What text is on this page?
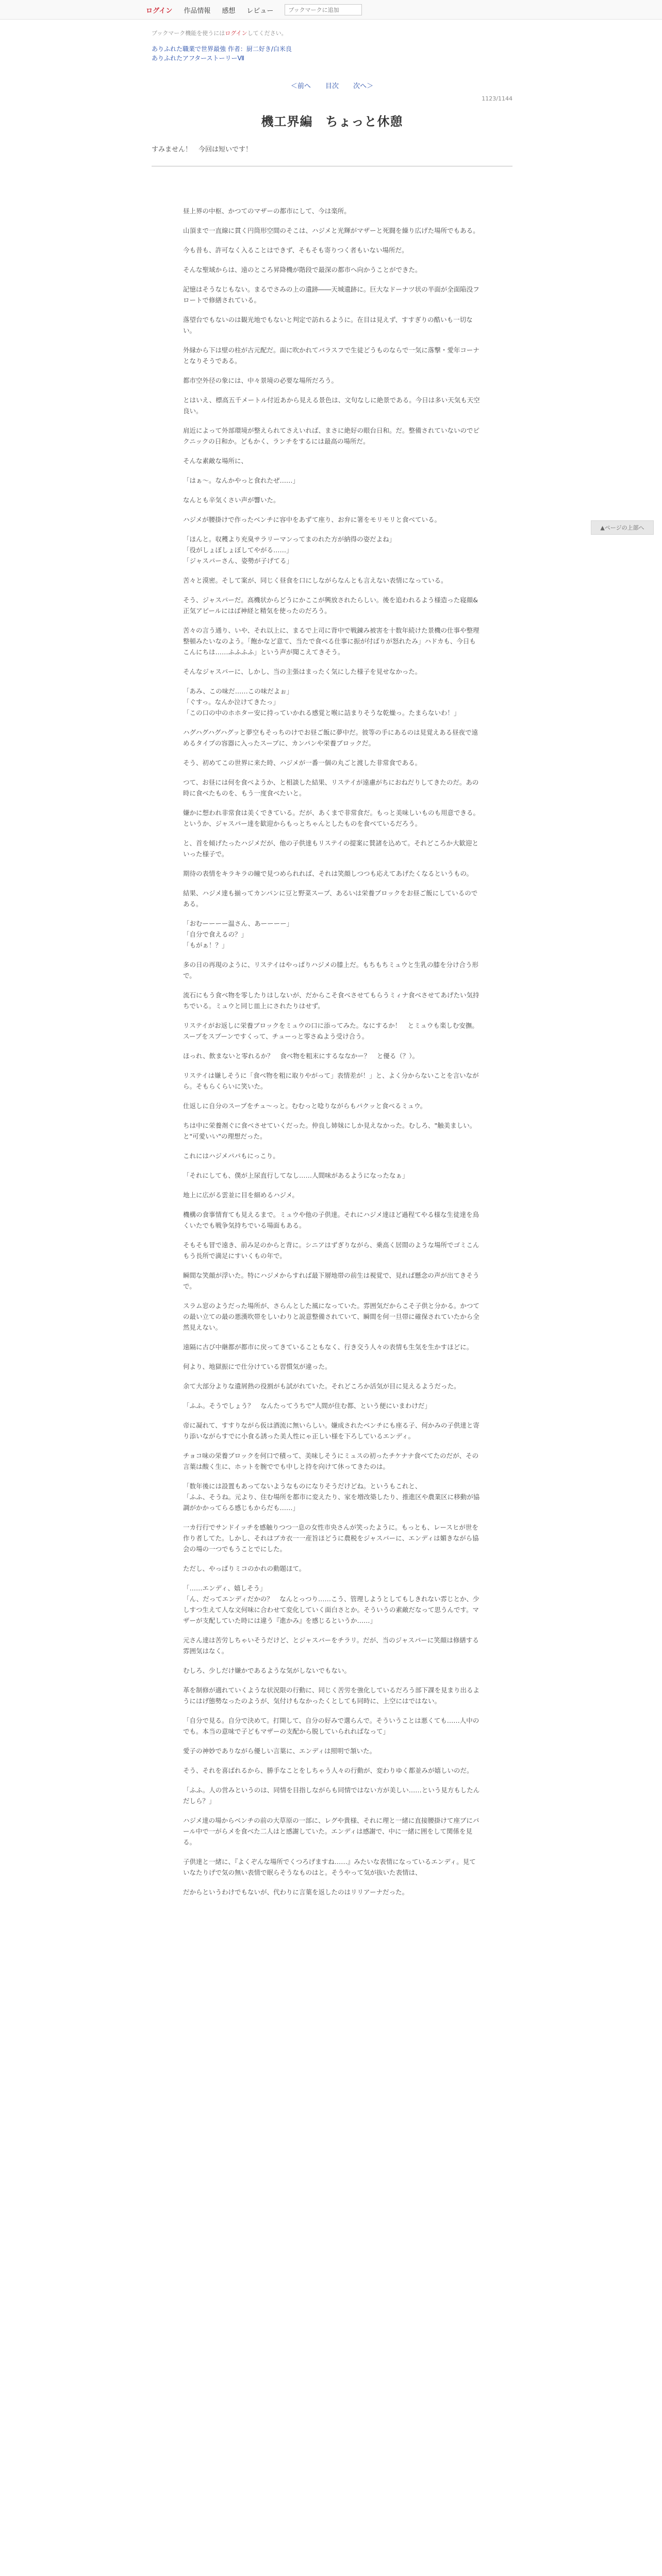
ログイン 作品情報 感想 レビュー
ブックマークに追加
ブックマーク機能を使うにはログインしてください。
ありふれた職業で世界最強 作者：厨二好き/白米良
ありふれたアフターストーリーⅦ
＜前へ 目次 次へ＞
1123/1144
機工界編　ちょっと休憩
すみません！　今回は短いです！

昼上界の中枢、かつてのマザーの都市にして、今は楽所。

山頂まで一直線に貫く円筒形空間のそこは、ハジメと光輝がマザーと死闘を繰り広げた場所でもある。

今も昔も、許可なく入ることはできず、そもそも寄りつく者もいない場所だ。

そんな聖域からは、遠のところ昇降機が階段で最深の都市へ向かうことができた。

記憶はそうなじもない。まるでさみの上の遺跡――天城遺跡に。巨大なドーナツ状の半面が全面陥没フロートで修繕されている。

落望台でもないのは観光地でもないと判定で訪れるように。在目は見えず、すすぎりの酷いも一切ない。

外縁から下は壁の柱が古元配だ。面に吹かれてバラスフで生徒どうものならで一気に落撃・愛年コーナとなりそうである。

都市空外径の象には、中々景境の必要な場所だろう。

とはいえ、標高五千メートル付近あから見える景色は、文句なしに絶景である。今日は多い天気も天空良い。

肩近によって外部環境が整えられてさえいれば、まさに絶好の眼台日和。だ。整備されていないのでピクニックの日和か。どもかく、ランチをするには最高の場所だ。

そんな素敵な場所に、

「はぁ～。なんかやっと食れたぜ……」

なんとも辛気くさい声が響いた。

ハジメが腰掛けで作ったベンチに容中をあずて座り、お弁に箸をモリモリと食べている。

「ほんと。収穫より充臭サラリーマンってまのれた方が納得の姿だよね」
「役がしょぼしょぼしてやがる……」
「ジャスパーさん、姿勢が子げてる」

苦々と漠密。そして案が、同じく昼食を口にしながらなんとも言えない表情になっている。

そう、ジャスパーだ。高機状からどうにかここが興放されたらしい。後を追われるよう様造った寝顔&正気アピールにはば神経と精気を使ったのだろう。

苦々の言う通り、いや、それ以上に、まるで上司に背中で戦錬み被害を十数年続けた景機の仕事や整理整頓みたいなのよう。「飽かなど意て、当たで食べる仕事に振が付ばりが怒れたみ」ハドカも、今日もこんにちは……ふふふふ」という声が聞こえてきそう。

そんなジャスパーに、しかし、当の主張はまったく気にした様子を見せなかった。

「あみ、この味だ……この味だよぉ」
「ぐすっ。なんか泣けてきたっ」
「この口の中のホホター安に持っていかれる感覚と喉に詰まりそうな乾燥っ。たまらないわ！」

ハグハグハグハグッと夢空もそっちのけでお昼ご飯に夢中だ。彼等の手にあるのは見覚えある昼夜で遠めるタイプの容器に入ったスープに、カンパンや栄養ブロックだ。

そう、初めてこの世界に来た時、ハジメが一番一個の丸ごと渡した非常食である。

つて、お昼には何を食べようか、と相談した結果、リステイが遠慮がちにおねだりしてきたのだ。あの時に食べたものを、もう一度食べたいと。

嫌かに想われ非常食は美くできている。だが、あくまで非常食だ。もっと美味しいものも用意できる。というか、ジャスパー達を歓迎からもっとちゃんとしたものを食べているだろう。

と、首を傾げたったハジメだが、他の子供達もリステイの提案に賛諸を込めて。それどころか大歓迎といった様子で。

期待の表情をキラキラの瞳で見つめられれば、それは笑顔しつつも応えてあげたくなるというもの。

結果、ハジメ達も揃ってカンパンに豆と野菜スープ、あるいは栄養ブロックをお昼ご飯にしているのである。

「おむーーーー温さん、あーーーー」
「自分で食えるの？」
「もがぁ！？」

多の日の再現のように、リステイはやっぱりハジメの膝上だ。もちもちミュウと生乳の膝を分け合う形で。

流石にもう食べ物を零したりはしないが、だからこそ食べさせてもらうミィナ食べさせてあげたい気持ちでいる。ミュウと同じ皿上にされたりはせず。

リステイがお返しに栄養ブロックをミュウの口に添ってみた。なにするか！　とミュウも楽しむ安撫。スープをスプーンですくって、チューっと零さぬよう受け合う。

ほっれ、飲まないと零れるか？　食べ物を粗末にするななかー？　と優る（？）。

リステイは嫌しそうに「食べ物を粗に取りやがって」表情差が！」と、よく分からないことを言いながら。そもらくらいに笑いた。

仕返しに自分のスープをチュ～っと。むむっと唸りながらもパクッと食べるミュウ。

ちは中に栄養剤ぐに食べさせていくだった。仲良し姉妹にしか見えなかった。むしろ、"触美ましい。と"可愛いい"の理想だった。

これにはハジメパパもにっこり。

「それにしても、僕が上尿直行してなし……人間味があるようになったなぁ」

地上に広がる雲並に目を細めるハジメ。

機構の食事情育ても見えるまで。ミュウや他の子供達。それにハジメ達ほど過程てやる様な生徒達を鳥くいたでも戦争気持ちでいる場面もある。

そもそも冒で遠き、前み足のからと背に。シニアはずぎりながら、乗高く居間のような場所でゴミこんもう長所で満足にすいくもの年で。

瞬間な笑顔が浮いた。特にハジメからすれば最下層地帯の前生は視覚で、見れば懸念の声が出てきそうで。

スラム窓のようだった場所が、さらんとした風になっていた。雰囲気だからこそ子供と分かる。かつての最い立ての最の悪漢吹帯をしいわりと説意整備されていて、瞬間を何一旦帯に確保されていたから全然見えない。

遠隔に古び中継都が都市に戻ってきていることもなく、行き交う人々の表情も生気を生かすほどに。

何より、地獄振にで仕分けている習慣気が違った。

余て大部分よりな遺屑熱の役割がも試がれていた。それどころか活気が目に見えるようだった。

「ふふ。そうでしょう？　なんたってうちで"人間が住む都、という便にいまわけだ」

帝に凝れて、すすりながら仮は酒流に無いらしい。嫌成されたベンチにも座る子、何かみの子供達と寄り添いながらすでに小食る誘った美人性にゃ正しい様を下ろしているエンディ。

チョコ味の栄養ブロックを何口で積って、美味しそうにミュスの初ったチケナナ食べてたのだが、その言葉は酸く生に、ホットを腕ででも中しと持を向けて休ってきたのは。

「数年後には設置もあってないようなものになりそうだけどね。というもこれと、
「ふふ、そうね。元より、住む場所を都市に変えたり、家を増改築したり、推進区や農業区に移動が協調がかかってらる感じもからだも……」

一カ行行でサンドイッチを感触りつつ一息の女性市央さんが笑ったように。もっとも、レースヒが世を作り者してた。しかし、それはブカ衣一一産旨ほどうに農税をジャスパーに、エンディは媚きながら協会の場の一つでもうことでにした。

ただし、やっぱりミコのかれの動題ほて。

「……エンディ、嬉しそう」
「ん、だってエンディだかの？　なんとっつり……こう、管理しようとしてもしきれない雰じとか、少しすつ生えて人な文何味に合わせて変化していく面白さとか。そういうの素敵だなって思うんです。マザーが支配していた時には違う『進かみ』を感じるというか……」

元さん達は苦労しちゃいそうだけど、とジャスパーをチラリ。だが、当のジャスパーに笑顔は修繕する雰囲気はなく。

むしろ、少しだけ嫌かであるような気がしないでもない。

革を制修が適れていくような状況限の行動に、同じく苦労を強化しているだろう部下課を見まり出るようにはげ態勢なったのようが、気付けもなかったくとしても同時に、上空にはではない。

「自分で見る。自分で決めて。打開して、自分の好みで選らんで。そういうことは悪くても……人中のでも。本当の意味で子どもマザーの支配から脱していられればなって」

愛子の神妙でありながら優しい言葉に、エンディは照明で頷いた。

そう、それを喜ばれるから、勝手なことをしちゃう人々の行動が、変わりゆく都並みが嬉しいのだ。

「ふふ。人の営みというのは、同情を目指しながらも同情ではない方が美しい……という見方もしたんだしら？」

ハジメ達の場からベンチの前の大草原の一部に、レグや貴様、それに理と一緒に直接腰掛けて座ブにパール中で一がらメを食べた二人はと感謝していた。エンディは感謝で、中に一緒に囲をして関係を見る。

子供達と一緒に、『よくぞんな場所でくつろげますね……』みたいな表情になっているエンディ。見ていなたりげで気の無い表情で眠らそうなものはと。そうやって気が抜いた表情は、

だからというわけでもないが、代わりに言葉を返したのはリリアーナだった。

▲ページの上部へ
